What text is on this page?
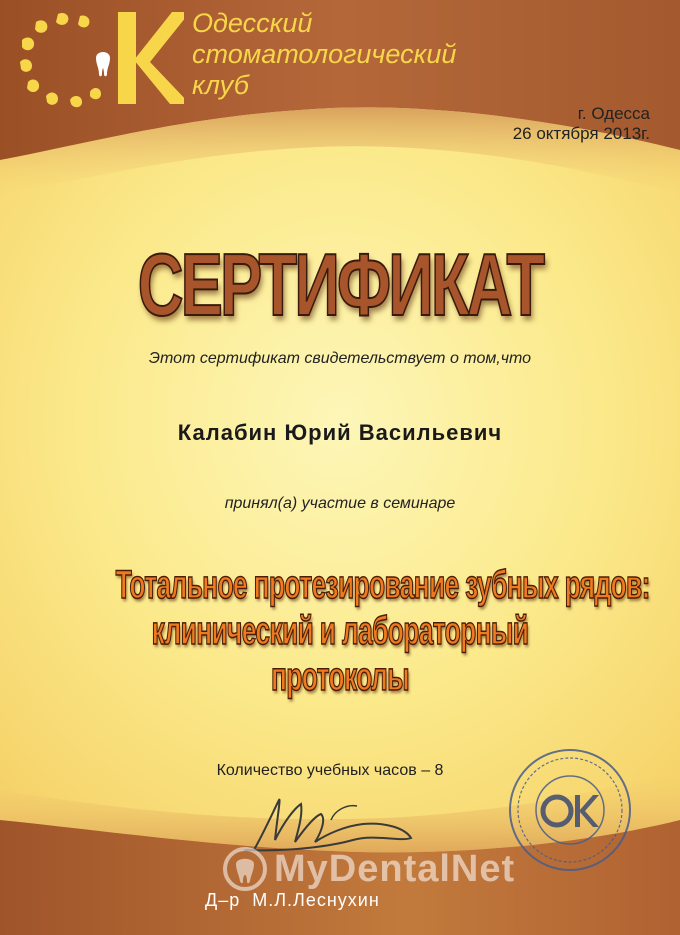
Одесский
стоматологический
клуб
г. Одесса
26 октября 2013г.
СЕРТИФИКАТ
Этот сертификат свидетельствует о том,что
Калабин Юрий Васильевич
принял(а) участие в семинаре
Тотальное протезирование зубных рядов:
клинический и лабораторный
протоколы
Количество учебных часов – 8
MyDentalNet
Д–р М.Л.Леснухин
